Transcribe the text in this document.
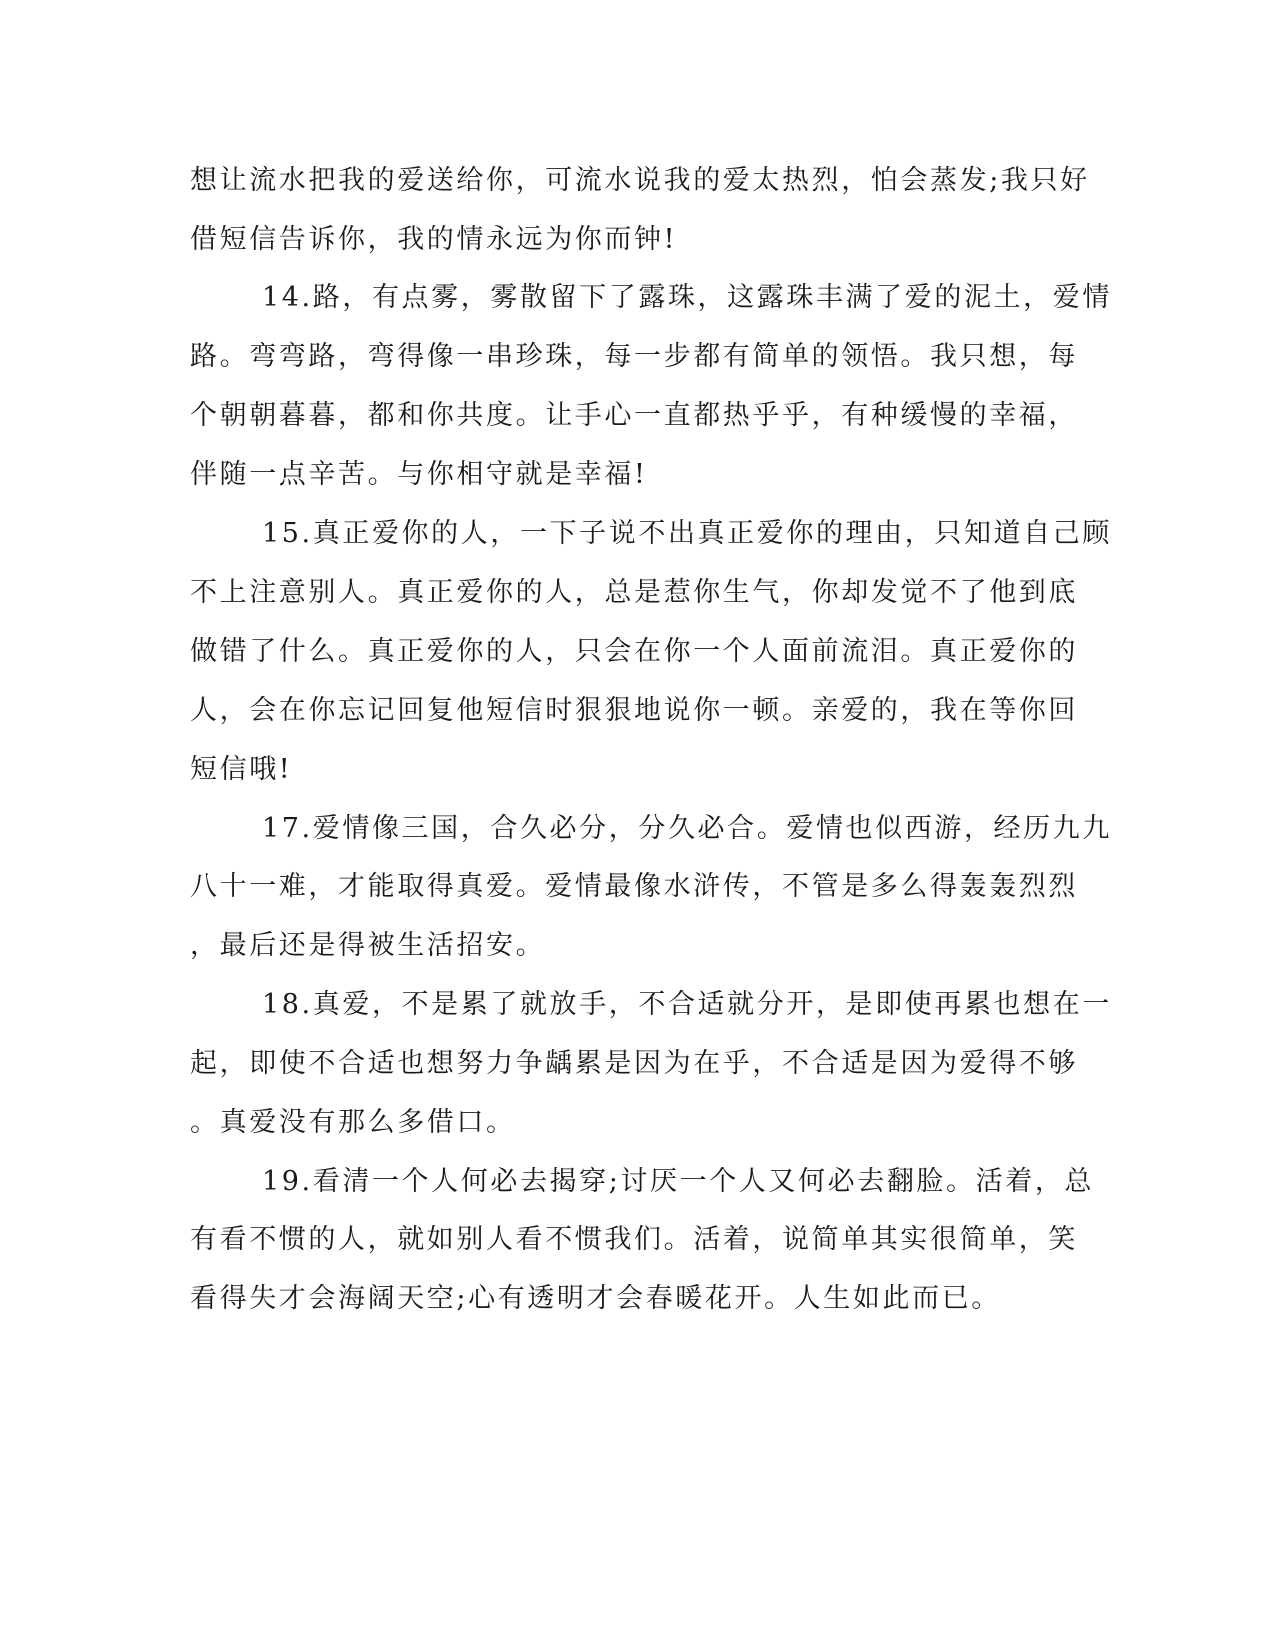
想让流水把我的爱送给你，可流水说我的爱太热烈，怕会蒸发;我只好
借短信告诉你，我的情永远为你而钟!
14.路，有点雾，雾散留下了露珠，这露珠丰满了爱的泥土，爱情
路。弯弯路，弯得像一串珍珠，每一步都有简单的领悟。我只想，每
个朝朝暮暮，都和你共度。让手心一直都热乎乎，有种缓慢的幸福，
伴随一点辛苦。与你相守就是幸福!
15.真正爱你的人，一下子说不出真正爱你的理由，只知道自己顾
不上注意别人。真正爱你的人，总是惹你生气，你却发觉不了他到底
做错了什么。真正爱你的人，只会在你一个人面前流泪。真正爱你的
人，会在你忘记回复他短信时狠狠地说你一顿。亲爱的，我在等你回
短信哦!
17.爱情像三国，合久必分，分久必合。爱情也似西游，经历九九
八十一难，才能取得真爱。爱情最像水浒传，不管是多么得轰轰烈烈
，最后还是得被生活招安。
18.真爱，不是累了就放手，不合适就分开，是即使再累也想在一
起，即使不合适也想努力争龋累是因为在乎，不合适是因为爱得不够
。真爱没有那么多借口。
19.看清一个人何必去揭穿;讨厌一个人又何必去翻脸。活着，总
有看不惯的人，就如别人看不惯我们。活着，说简单其实很简单，笑
看得失才会海阔天空;心有透明才会春暖花开。人生如此而已。
